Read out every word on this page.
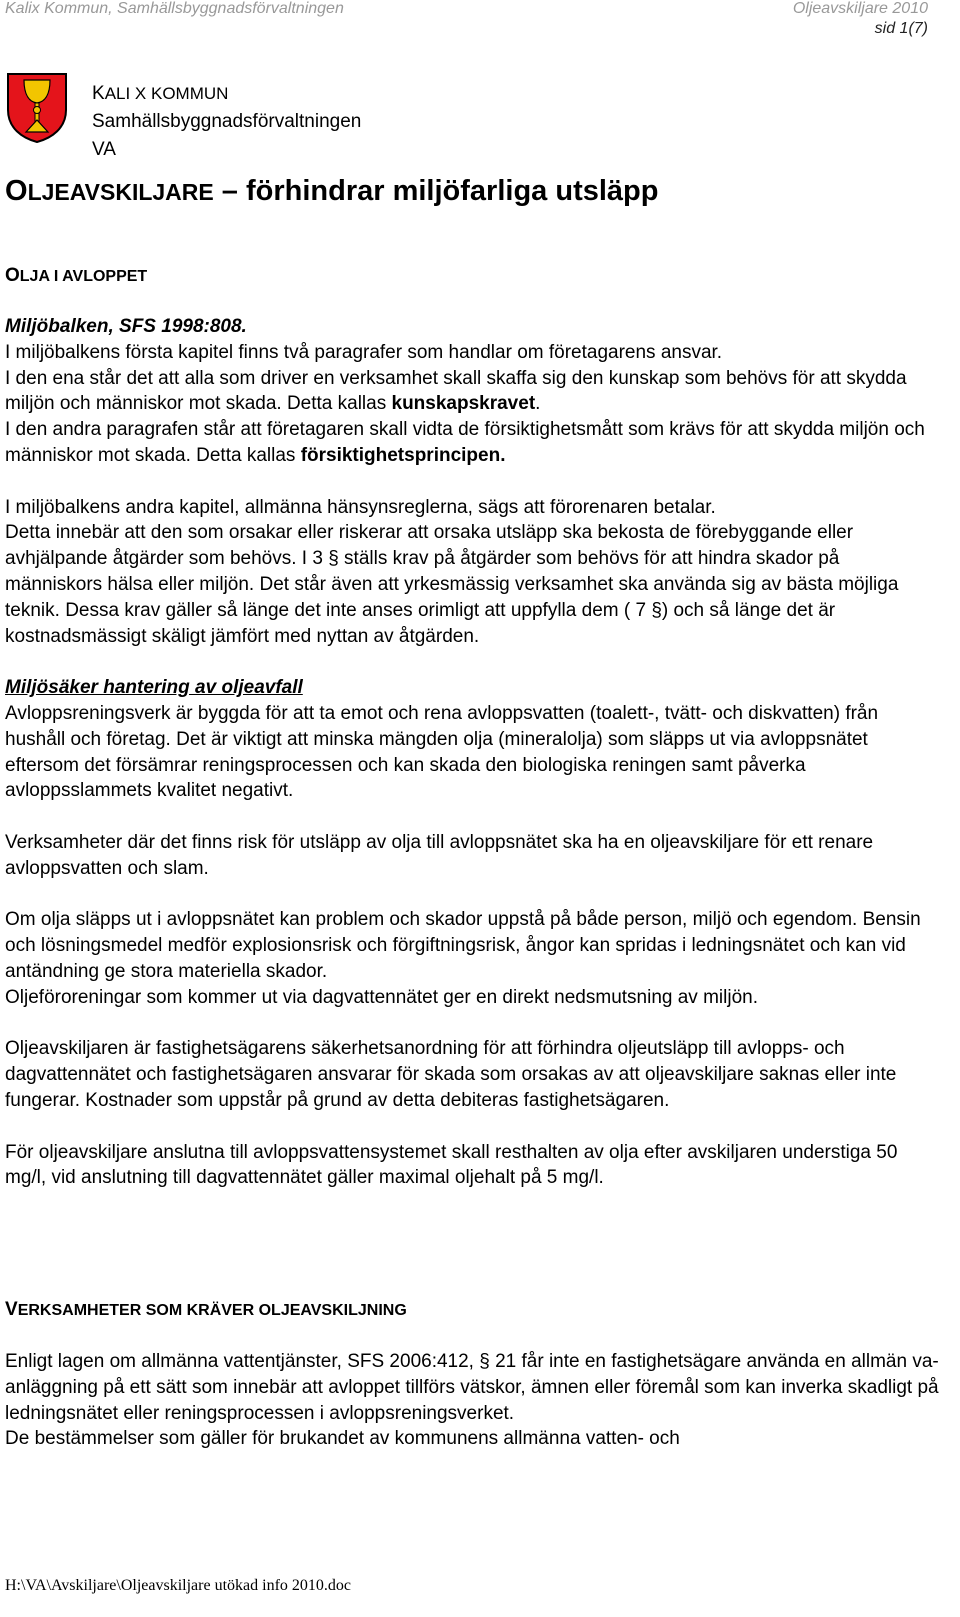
Kalix Kommun, Samhällsbyggnadsförvaltningen	Oljeavskiljare 2010
sid 1(7)
KALI X KOMMUN
Samhällsbyggnadsförvaltningen
VA
OLJEAVSKILJARE – förhindrar miljöfarliga utsläpp
OLJA I AVLOPPET

Miljöbalken, SFS 1998:808.

I miljöbalkens första kapitel finns två paragrafer som handlar om företagarens ansvar.

I den ena står det att alla som driver en verksamhet skall skaffa sig den kunskap som behövs för att skydda miljön och människor mot skada. Detta kallas kunskapskravet.

I den andra paragrafen står att företagaren skall vidta de försiktighetsmått som krävs för att skydda miljön och människor mot skada. Detta kallas försiktighetsprincipen.

I miljöbalkens andra kapitel, allmänna hänsynsreglerna, sägs att förorenaren betalar.

Detta innebär att den som orsakar eller riskerar att orsaka utsläpp ska bekosta de förebyggande eller avhjälpande åtgärder som behövs. I 3 § ställs krav på åtgärder som behövs för att hindra skador på människors hälsa eller miljön. Det står även att yrkesmässig verksamhet ska använda sig av bästa möjliga teknik. Dessa krav gäller så länge det inte anses orimligt att uppfylla dem ( 7 §) och så länge det är kostnadsmässigt skäligt jämfört med nyttan av åtgärden.

Miljösäker hantering av oljeavfall

Avloppsreningsverk är byggda för att ta emot och rena avloppsvatten (toalett-, tvätt- och diskvatten) från hushåll och företag. Det är viktigt att minska mängden olja (mineralolja) som släpps ut via avloppsnätet eftersom det försämrar reningsprocessen och kan skada den biologiska reningen samt påverka avloppsslammets kvalitet negativt.

Verksamheter där det finns risk för utsläpp av olja till avloppsnätet ska ha en oljeavskiljare för ett renare avloppsvatten och slam.

Om olja släpps ut i avloppsnätet kan problem och skador uppstå på både person, miljö och egendom. Bensin och lösningsmedel medför explosionsrisk och förgiftningsrisk, ångor kan spridas i ledningsnätet och kan vid antändning ge stora materiella skador.

Oljeföroreningar som kommer ut via dagvattennätet ger en direkt nedsmutsning av miljön.

Oljeavskiljaren är fastighetsägarens säkerhetsanordning för att förhindra oljeutsläpp till avlopps- och dagvattennätet och fastighetsägaren ansvarar för skada som orsakas av att oljeavskiljare saknas eller inte fungerar. Kostnader som uppstår på grund av detta debiteras fastighetsägaren.

För oljeavskiljare anslutna till avloppsvattensystemet skall resthalten av olja efter avskiljaren understiga 50 mg/l, vid anslutning till dagvattennätet gäller maximal oljehalt på 5 mg/l.

VERKSAMHETER SOM KRÄVER OLJEAVSKILJNING

Enligt lagen om allmänna vattentjänster, SFS 2006:412, § 21 får inte en fastighetsägare använda en allmän va-anläggning på ett sätt som innebär att avloppet tillförs vätskor, ämnen eller föremål som kan inverka skadligt på ledningsnätet eller reningsprocessen i avloppsreningsverket.

De bestämmelser som gäller för brukandet av kommunens allmänna vatten- och

H:\VA\Avskiljare\Oljeavskiljare utökad info 2010.doc
